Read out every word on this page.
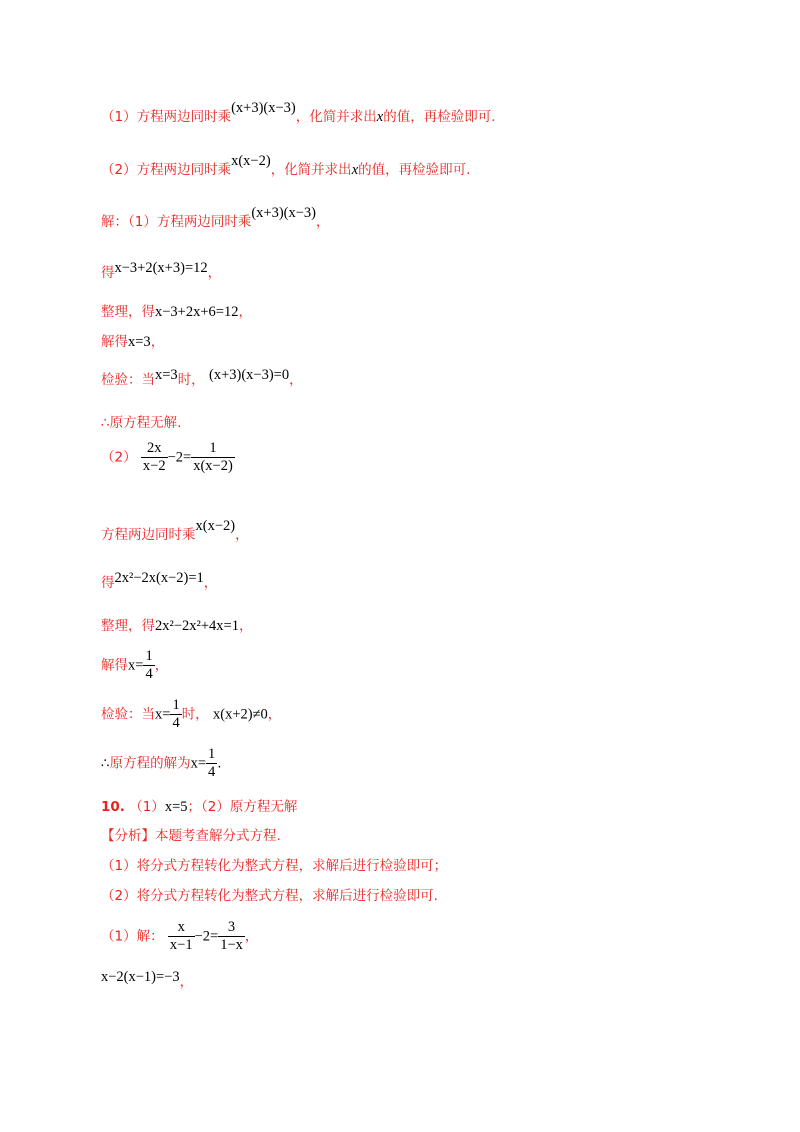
（1）方程两边同时乘(x+3)(x−3)，化简并求出x的值，再检验即可.
（2）方程两边同时乘x(x−2)，化简并求出x的值，再检验即可.
解：（1）方程两边同时乘(x+3)(x−3)，
得x−3+2(x+3)=12，
整理，得x−3+2x+6=12，
解得x=3，
检验：当x=3时， (x+3)(x−3)=0，
∴原方程无解.
$(2) \frac{2x}{x-2} -2= \frac{1}{x(x-2)}$
方程两边同时乘x(x−2)，
得2x²−2x(x−2)=1，
整理，得2x²−2x²+4x=1，
解得$x= \frac{1}{4}$ ，
检验：当$x= \frac{1}{4}$ 时， x(x+2)≠0，
∴原方程的解为$x= \frac{1}{4}$ .
10. （1）x=5；（2）原方程无解
【分析】本题考查解分式方程.
（1）将分式方程转化为整式方程，求解后进行检验即可；
（2）将分式方程转化为整式方程，求解后进行检验即可.
（1）解： $\frac{x}{x-1} -2= \frac{3}{1-x}$ ，
x−2(x−1)=−3，
